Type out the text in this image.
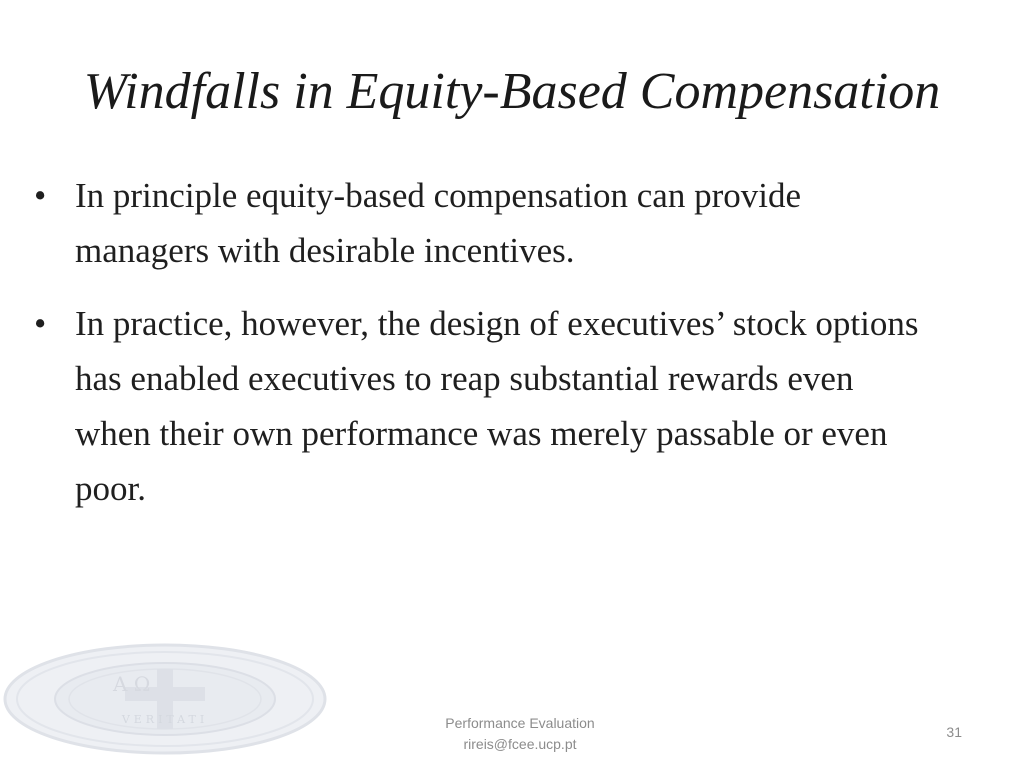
Windfalls in Equity-Based Compensation
• In principle equity-based compensation can provide managers with desirable incentives.
• In practice, however, the design of executives’ stock options has enabled executives to reap substantial rewards even when their own performance was merely passable or even poor.
Α Ω
VERITATI	Performance Evaluation
rireis@fcee.ucp.pt
31
